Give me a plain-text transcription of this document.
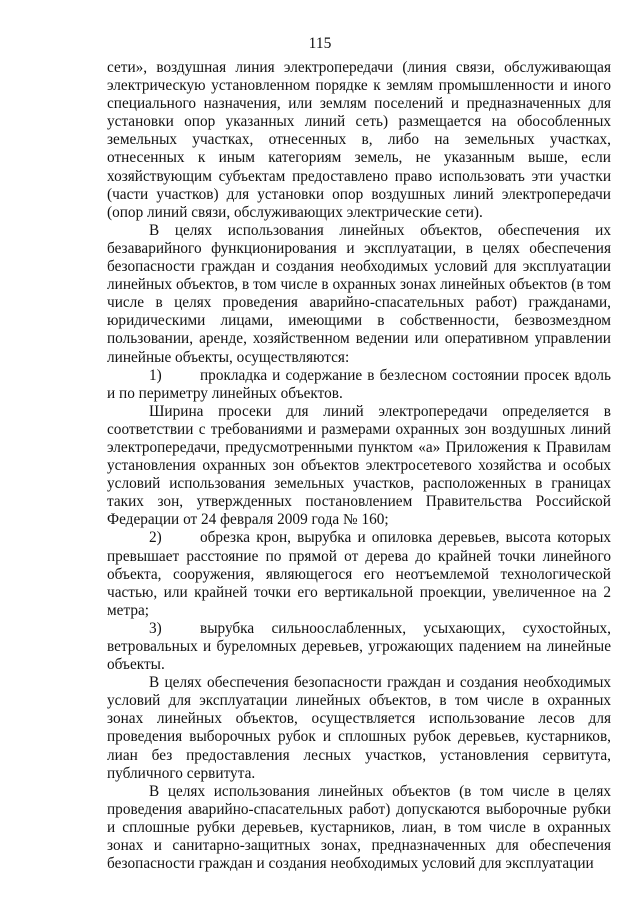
115

сети», воздушная линия электропередачи (линия связи, обслуживающая электрическую установленном порядке к землям промышленности и иного специального назначения, или землям поселений и предназначенных для установки опор указанных линий сеть) размещается на обособленных земельных участках, отнесенных в, либо на земельных участках, отнесенных к иным категориям земель, не указанным выше, если хозяйствующим субъектам предоставлено право использовать эти участки (части участков) для установки опор воздушных линий электропередачи (опор линий связи, обслуживающих электрические сети).

В целях использования линейных объектов, обеспечения их безаварийного функционирования и эксплуатации, в целях обеспечения безопасности граждан и создания необходимых условий для эксплуатации линейных объектов, в том числе в охранных зонах линейных объектов (в том числе в целях проведения аварийно-спасательных работ) гражданами, юридическими лицами, имеющими в собственности, безвозмездном пользовании, аренде, хозяйственном ведении или оперативном управлении линейные объекты, осуществляются:

1)	прокладка и содержание в безлесном состоянии просек вдоль и по периметру линейных объектов.

Ширина просеки для линий электропередачи определяется в соответствии с требованиями и размерами охранных зон воздушных линий электропередачи, предусмотренными пунктом «а» Приложения к Правилам установления охранных зон объектов электросетевого хозяйства и особых условий использования земельных участков, расположенных в границах таких зон, утвержденных постановлением Правительства Российской Федерации от 24 февраля 2009 года № 160;

2)	обрезка крон, вырубка и опиловка деревьев, высота которых превышает расстояние по прямой от дерева до крайней точки линейного объекта, сооружения, являющегося его неотъемлемой технологической частью, или крайней точки его вертикальной проекции, увеличенное на 2 метра;

3)	вырубка сильноослабленных, усыхающих, сухостойных, ветровальных и буреломных деревьев, угрожающих падением на линейные объекты.

В целях обеспечения безопасности граждан и создания необходимых условий для эксплуатации линейных объектов, в том числе в охранных зонах линейных объектов, осуществляется использование лесов для проведения выборочных рубок и сплошных рубок деревьев, кустарников, лиан без предоставления лесных участков, установления сервитута, публичного сервитута.

В целях использования линейных объектов (в том числе в целях проведения аварийно-спасательных работ) допускаются выборочные рубки и сплошные рубки деревьев, кустарников, лиан, в том числе в охранных зонах и санитарно-защитных зонах, предназначенных для обеспечения безопасности граждан и создания необходимых условий для эксплуатации
